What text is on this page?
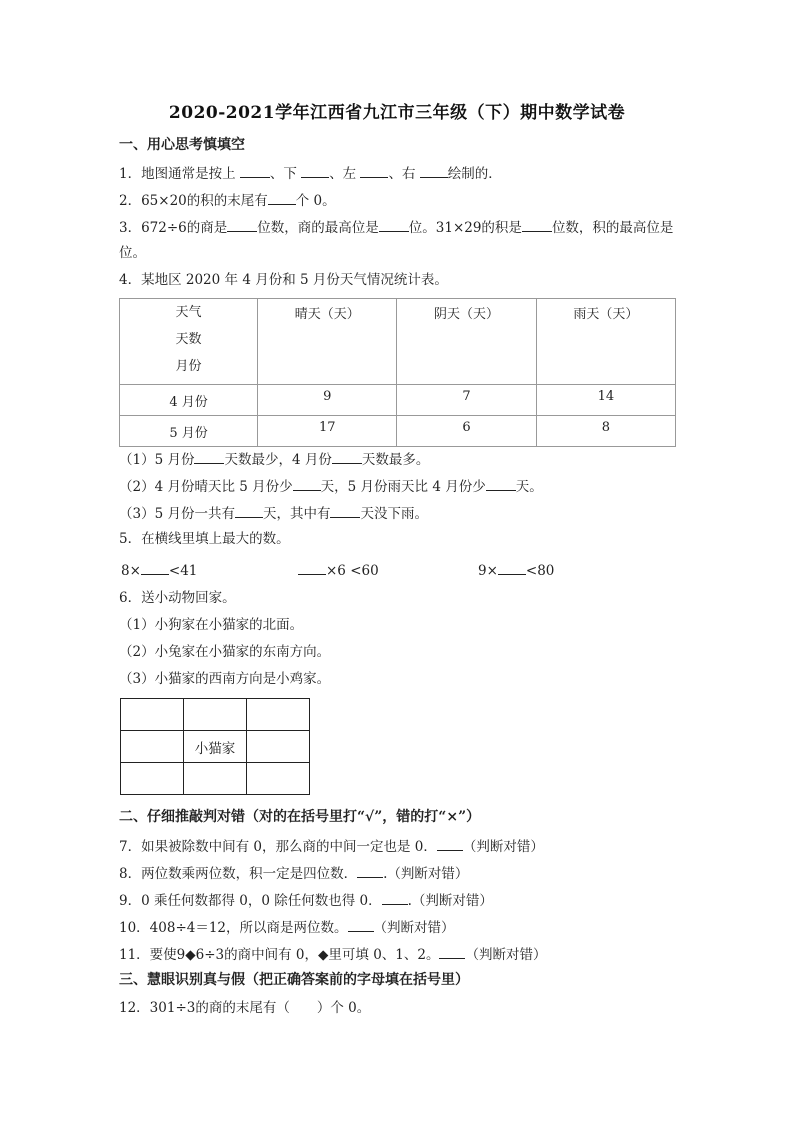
2020-2021学年江西省九江市三年级（下）期中数学试卷
一、用心思考慎填空
1．地图通常是按上	、下 、左 、右 绘制的．
2．65×20的积的末尾有 个 0。
3．672÷6的商是 位数，商的最高位是 位。31×29的积是 位数，积的最高位是
位。
4．某地区 2020 年 4 月份和 5 月份天气情况统计表。
天气
天数
月份	晴天（天）	阴天（天）	雨天（天）
4 月份	9	7	14
5 月份	17	6	8
（1）5 月份 天数最少，4 月份 天数最多。
（2）4 月份晴天比 5 月份少 天，5 月份雨天比 4 月份少 天。
（3）5 月份一共有 天，其中有 天没下雨。
5．在横线里填上最大的数。
8× <41	×6 <60	9× <80
6．送小动物回家。
（1）小狗家在小猫家的北面。
（2）小兔家在小猫家的东南方向。
（3）小猫家的西南方向是小鸡家。

	小猫家	

二、仔细推敲判对错（对的在括号里打“√”，错的打“×”）
7．如果被除数中间有 0，那么商的中间一定也是 0． （判断对错）
8．两位数乘两位数，积一定是四位数． .（判断对错）
9．0 乘任何数都得 0，0 除任何数也得 0． .（判断对错）
10．408÷4＝12，所以商是两位数。 （判断对错）
11．要使9◆6÷3的商中间有 0，◆里可填 0、1、2。 （判断对错）
三、慧眼识别真与假（把正确答案前的字母填在括号里）
12．301÷3的商的末尾有（　　）个 0。
